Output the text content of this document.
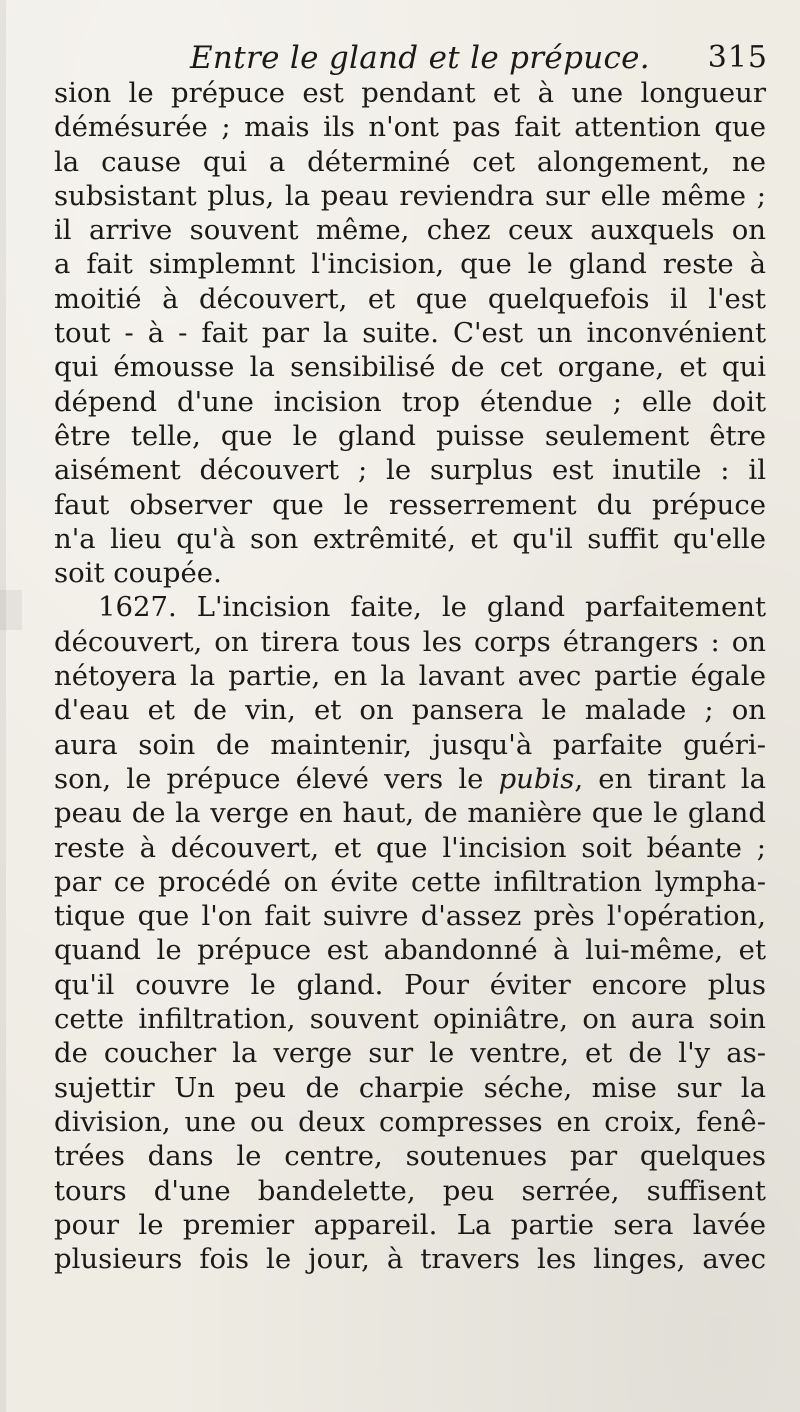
Entre le gland et le prépuce. 315
sion le prépuce est pendant et à une longueur
démésurée ; mais ils n'ont pas fait attention que
la cause qui a déterminé cet alongement, ne
subsistant plus, la peau reviendra sur elle même ;
il arrive souvent même, chez ceux auxquels on
a fait simplemnt l'incision, que le gland reste à
moitié à découvert, et que quelquefois il l'est
tout - à - fait par la suite. C'est un inconvénient
qui émousse la sensibilisé de cet organe, et qui
dépend d'une incision trop étendue ; elle doit
être telle, que le gland puisse seulement être
aisément découvert ; le surplus est inutile : il
faut observer que le resserrement du prépuce
n'a lieu qu'à son extrêmité, et qu'il suffit qu'elle
soit coupée.
1627. L'incision faite, le gland parfaitement
découvert, on tirera tous les corps étrangers : on
nétoyera la partie, en la lavant avec partie égale
d'eau et de vin, et on pansera le malade ; on
aura soin de maintenir, jusqu'à parfaite guéri-
son, le prépuce élevé vers le pubis, en tirant la
peau de la verge en haut, de manière que le gland
reste à découvert, et que l'incision soit béante ;
par ce procédé on évite cette infiltration lympha-
tique que l'on fait suivre d'assez près l'opération,
quand le prépuce est abandonné à lui-même, et
qu'il couvre le gland. Pour éviter encore plus
cette infiltration, souvent opiniâtre, on aura soin
de coucher la verge sur le ventre, et de l'y as-
sujettir Un peu de charpie séche, mise sur la
division, une ou deux compresses en croix, fenê-
trées dans le centre, soutenues par quelques
tours d'une bandelette, peu serrée, suffisent
pour le premier appareil. La partie sera lavée
plusieurs fois le jour, à travers les linges, avec
